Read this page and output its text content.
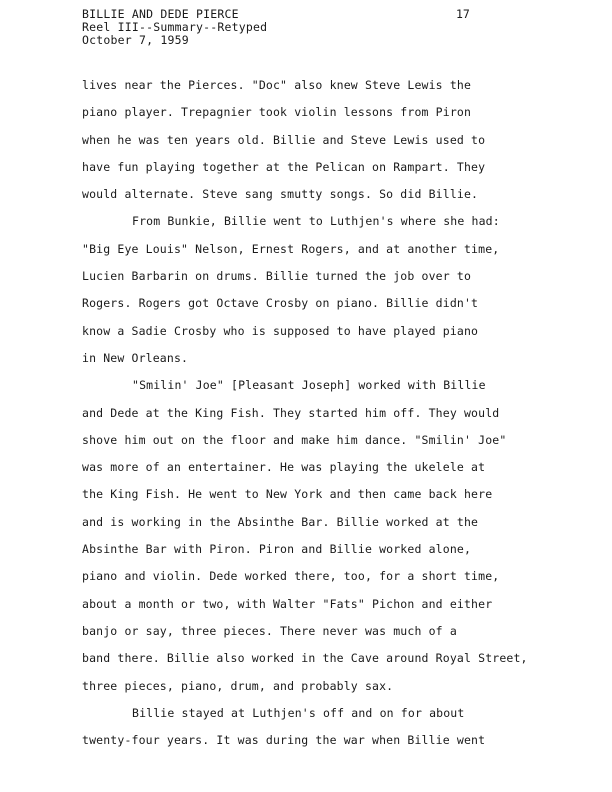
BILLIE AND DEDE PIERCE
Reel III--Summary--Retyped
October 7, 1959
17
lives near the Pierces. "Doc" also knew Steve Lewis the
piano player. Trepagnier took violin lessons from Piron
when he was ten years old. Billie and Steve Lewis used to
have fun playing together at the Pelican on Rampart. They
would alternate. Steve sang smutty songs. So did Billie.
From Bunkie, Billie went to Luthjen's where she had:
"Big Eye Louis" Nelson, Ernest Rogers, and at another time,
Lucien Barbarin on drums. Billie turned the job over to
Rogers. Rogers got Octave Crosby on piano. Billie didn't
know a Sadie Crosby who is supposed to have played piano
in New Orleans.
"Smilin' Joe" [Pleasant Joseph] worked with Billie
and Dede at the King Fish. They started him off. They would
shove him out on the floor and make him dance. "Smilin' Joe"
was more of an entertainer. He was playing the ukelele at
the King Fish. He went to New York and then came back here
and is working in the Absinthe Bar. Billie worked at the
Absinthe Bar with Piron. Piron and Billie worked alone,
piano and violin. Dede worked there, too, for a short time,
about a month or two, with Walter "Fats" Pichon and either
banjo or say, three pieces. There never was much of a
band there. Billie also worked in the Cave around Royal Street,
three pieces, piano, drum, and probably sax.
Billie stayed at Luthjen's off and on for about
twenty-four years. It was during the war when Billie went
